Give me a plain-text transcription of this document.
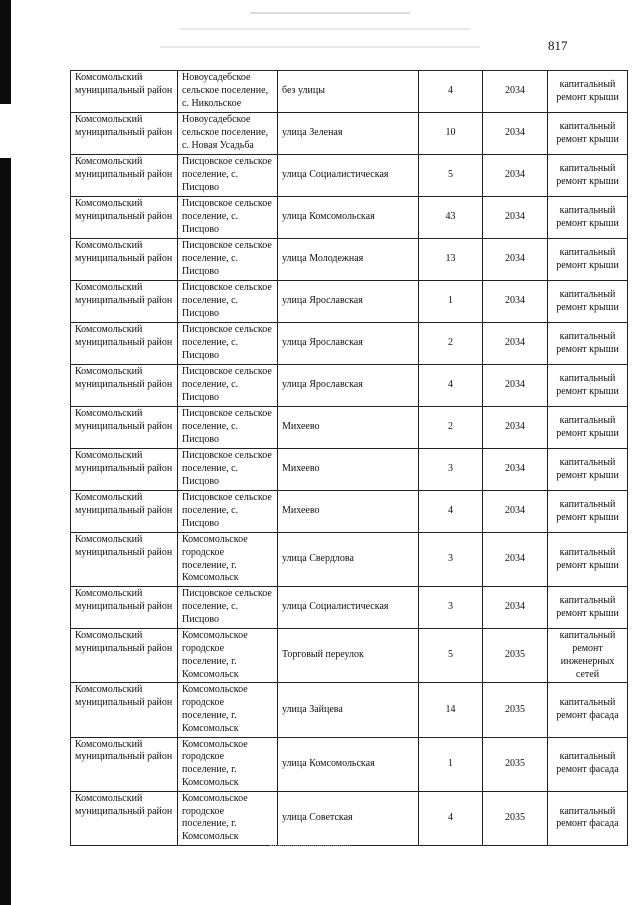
817
Комсомольский муниципальный район	Новоусадебское сельское поселение, с. Никольское	без улицы	4	2034	капитальный ремонт крыши
Комсомольский муниципальный район	Новоусадебское сельское поселение, с. Новая Усадьба	улица Зеленая	10	2034	капитальный ремонт крыши
Комсомольский муниципальный район	Писцовское сельское поселение, с. Писцово	улица Социалистическая	5	2034	капитальный ремонт крыши
Комсомольский муниципальный район	Писцовское сельское поселение, с. Писцово	улица Комсомольская	43	2034	капитальный ремонт крыши
Комсомольский муниципальный район	Писцовское сельское поселение, с. Писцово	улица Молодежная	13	2034	капитальный ремонт крыши
Комсомольский муниципальный район	Писцовское сельское поселение, с. Писцово	улица Ярославская	1	2034	капитальный ремонт крыши
Комсомольский муниципальный район	Писцовское сельское поселение, с. Писцово	улица Ярославская	2	2034	капитальный ремонт крыши
Комсомольский муниципальный район	Писцовское сельское поселение, с. Писцово	улица Ярославская	4	2034	капитальный ремонт крыши
Комсомольский муниципальный район	Писцовское сельское поселение, с. Писцово	Михеево	2	2034	капитальный ремонт крыши
Комсомольский муниципальный район	Писцовское сельское поселение, с. Писцово	Михеево	3	2034	капитальный ремонт крыши
Комсомольский муниципальный район	Писцовское сельское поселение, с. Писцово	Михеево	4	2034	капитальный ремонт крыши
Комсомольский муниципальный район	Комсомольское городское поселение, г. Комсомольск	улица Свердлова	3	2034	капитальный ремонт крыши
Комсомольский муниципальный район	Писцовское сельское поселение, с. Писцово	улица Социалистическая	3	2034	капитальный ремонт крыши
Комсомольский муниципальный район	Комсомольское городское поселение, г. Комсомольск	Торговый переулок	5	2035	капитальный ремонт инженерных сетей
Комсомольский муниципальный район	Комсомольское городское поселение, г. Комсомольск	улица Зайцева	14	2035	капитальный ремонт фасада
Комсомольский муниципальный район	Комсомольское городское поселение, г. Комсомольск	улица Комсомольская	1	2035	капитальный ремонт фасада
Комсомольский муниципальный район	Комсомольское городское поселение, г. Комсомольск	улица Советская	4	2035	капитальный ремонт фасада
